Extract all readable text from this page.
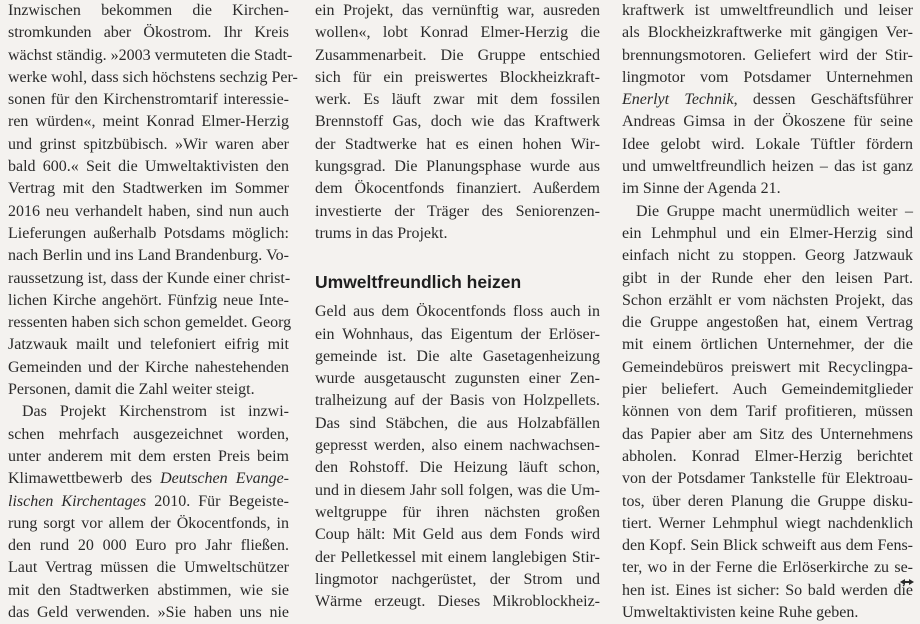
Inzwischen bekommen die Kirchen-
stromkunden aber Ökostrom. Ihr Kreis
wächst ständig. »2003 vermuteten die Stadt-
werke wohl, dass sich höchstens sechzig Per-
sonen für den Kirchenstromtarif interessie-
ren würden«, meint Konrad Elmer-Herzig
und grinst spitzbübisch. »Wir waren aber
bald 600.« Seit die Umweltaktivisten den
Vertrag mit den Stadtwerken im Sommer
2016 neu verhandelt haben, sind nun auch
Lieferungen außerhalb Potsdams möglich:
nach Berlin und ins Land Brandenburg. Vo-
raussetzung ist, dass der Kunde einer christ-
lichen Kirche angehört. Fünfzig neue Inte-
ressenten haben sich schon gemeldet. Georg
Jatzwauk mailt und telefoniert eifrig mit
Gemeinden und der Kirche nahestehenden
Personen, damit die Zahl weiter steigt.
Das Projekt Kirchenstrom ist inzwi-
schen mehrfach ausgezeichnet worden,
unter anderem mit dem ersten Preis beim
Klimawettbewerb des Deutschen Evange-
lischen Kirchentages 2010. Für Begeiste-
rung sorgt vor allem der Ökocentfonds, in
den rund 20 000 Euro pro Jahr fließen.
Laut Vertrag müssen die Umweltschützer
mit den Stadtwerken abstimmen, wie sie
das Geld verwenden. »Sie haben uns nie
ein Projekt, das vernünftig war, ausreden
wollen«, lobt Konrad Elmer-Herzig die
Zusammenarbeit. Die Gruppe entschied
sich für ein preiswertes Blockheizkraft-
werk. Es läuft zwar mit dem fossilen
Brennstoff Gas, doch wie das Kraftwerk
der Stadtwerke hat es einen hohen Wir-
kungsgrad. Die Planungsphase wurde aus
dem Ökocentfonds finanziert. Außerdem
investierte der Träger des Seniorenzen-
trums in das Projekt.
Umweltfreundlich heizen
Geld aus dem Ökocentfonds floss auch in
ein Wohnhaus, das Eigentum der Erlöser-
gemeinde ist. Die alte Gasetagenheizung
wurde ausgetauscht zugunsten einer Zen-
tralheizung auf der Basis von Holzpellets.
Das sind Stäbchen, die aus Holzabfällen
gepresst werden, also einem nachwachsen-
den Rohstoff. Die Heizung läuft schon,
und in diesem Jahr soll folgen, was die Um-
weltgruppe für ihren nächsten großen
Coup hält: Mit Geld aus dem Fonds wird
der Pelletkessel mit einem langlebigen Stir-
lingmotor nachgerüstet, der Strom und
Wärme erzeugt. Dieses Mikroblockheiz-
kraftwerk ist umweltfreundlich und leiser
als Blockheizkraftwerke mit gängigen Ver-
brennungsmotoren. Geliefert wird der Stir-
lingmotor vom Potsdamer Unternehmen
Enerlyt Technik, dessen Geschäftsführer
Andreas Gimsa in der Ökoszene für seine
Idee gelobt wird. Lokale Tüftler fördern
und umweltfreundlich heizen – das ist ganz
im Sinne der Agenda 21.
Die Gruppe macht unermüdlich weiter –
ein Lehmphul und ein Elmer-Herzig sind
einfach nicht zu stoppen. Georg Jatzwauk
gibt in der Runde eher den leisen Part.
Schon erzählt er vom nächsten Projekt, das
die Gruppe angestoßen hat, einem Vertrag
mit einem örtlichen Unternehmer, der die
Gemeindebüros preiswert mit Recyclingpa-
pier beliefert. Auch Gemeindemitglieder
können von dem Tarif profitieren, müssen
das Papier aber am Sitz des Unternehmens
abholen. Konrad Elmer-Herzig berichtet
von der Potsdamer Tankstelle für Elektroau-
tos, über deren Planung die Gruppe disku-
tiert. Werner Lehmphul wiegt nachdenklich
den Kopf. Sein Blick schweift aus dem Fens-
ter, wo in der Ferne die Erlöserkirche zu se-
hen ist. Eines ist sicher: So bald werden die
Umweltaktivisten keine Ruhe geben.
